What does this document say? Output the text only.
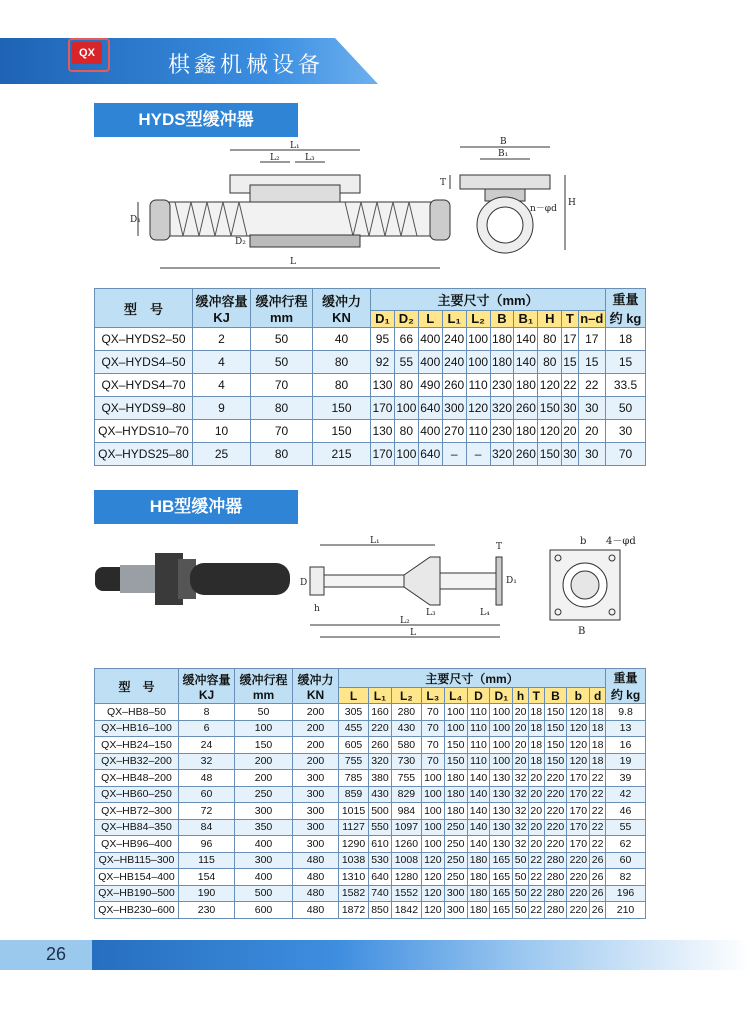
QX	棋鑫机械设备
HYDS型缓冲器
L₁
L₂	L₃
L
D₁
D₂
B
B₁
T
H
n－φd
型　号	缓冲容量 KJ	缓冲行程 mm	缓冲力 KN	主要尺寸（mm）										重量 约 kg
				D₁	D₂	L	L₁	L₂	B	B₁	H	T	n–d	
QX–HYDS2–50	2	50	40	95	66	400	240	100	180	140	80	17	17	18
QX–HYDS4–50	4	50	80	92	55	400	240	100	180	140	80	15	15	15
QX–HYDS4–70	4	70	80	130	80	490	260	110	230	180	120	22	22	33.5
QX–HYDS9–80	9	80	150	170	100	640	300	120	320	260	150	30	30	50
QX–HYDS10–70	10	70	150	130	80	400	270	110	230	180	120	20	20	30
QX–HYDS25–80	25	80	215	170	100	640	–	–	320	260	150	30	30	70
HB型缓冲器
L₁
L₂
L
L₃	L₄
D	D₁
h
T	b
B
4－φd
型　号	缓冲容量 KJ	缓冲行程 mm	缓冲力 KN	主要尺寸（mm）												重量 约 kg
				L	L₁	L₂	L₃	L₄	D	D₁	h	T	B	b	d	
QX–HB8–50	8	50	200	305	160	280	70	100	110	100	20	18	150	120	18	9.8
QX–HB16–100	6	100	200	455	220	430	70	100	110	100	20	18	150	120	18	13
QX–HB24–150	24	150	200	605	260	580	70	150	110	100	20	18	150	120	18	16
QX–HB32–200	32	200	200	755	320	730	70	150	110	100	20	18	150	120	18	19
QX–HB48–200	48	200	300	785	380	755	100	180	140	130	32	20	220	170	22	39
QX–HB60–250	60	250	300	859	430	829	100	180	140	130	32	20	220	170	22	42
QX–HB72–300	72	300	300	1015	500	984	100	180	140	130	32	20	220	170	22	46
QX–HB84–350	84	350	300	1127	550	1097	100	250	140	130	32	20	220	170	22	55
QX–HB96–400	96	400	300	1290	610	1260	100	250	140	130	32	20	220	170	22	62
QX–HB115–300	115	300	480	1038	530	1008	120	250	180	165	50	22	280	220	26	60
QX–HB154–400	154	400	480	1310	640	1280	120	250	180	165	50	22	280	220	26	82
QX–HB190–500	190	500	480	1582	740	1552	120	300	180	165	50	22	280	220	26	196
QX–HB230–600	230	600	480	1872	850	1842	120	300	180	165	50	22	280	220	26	210
26
